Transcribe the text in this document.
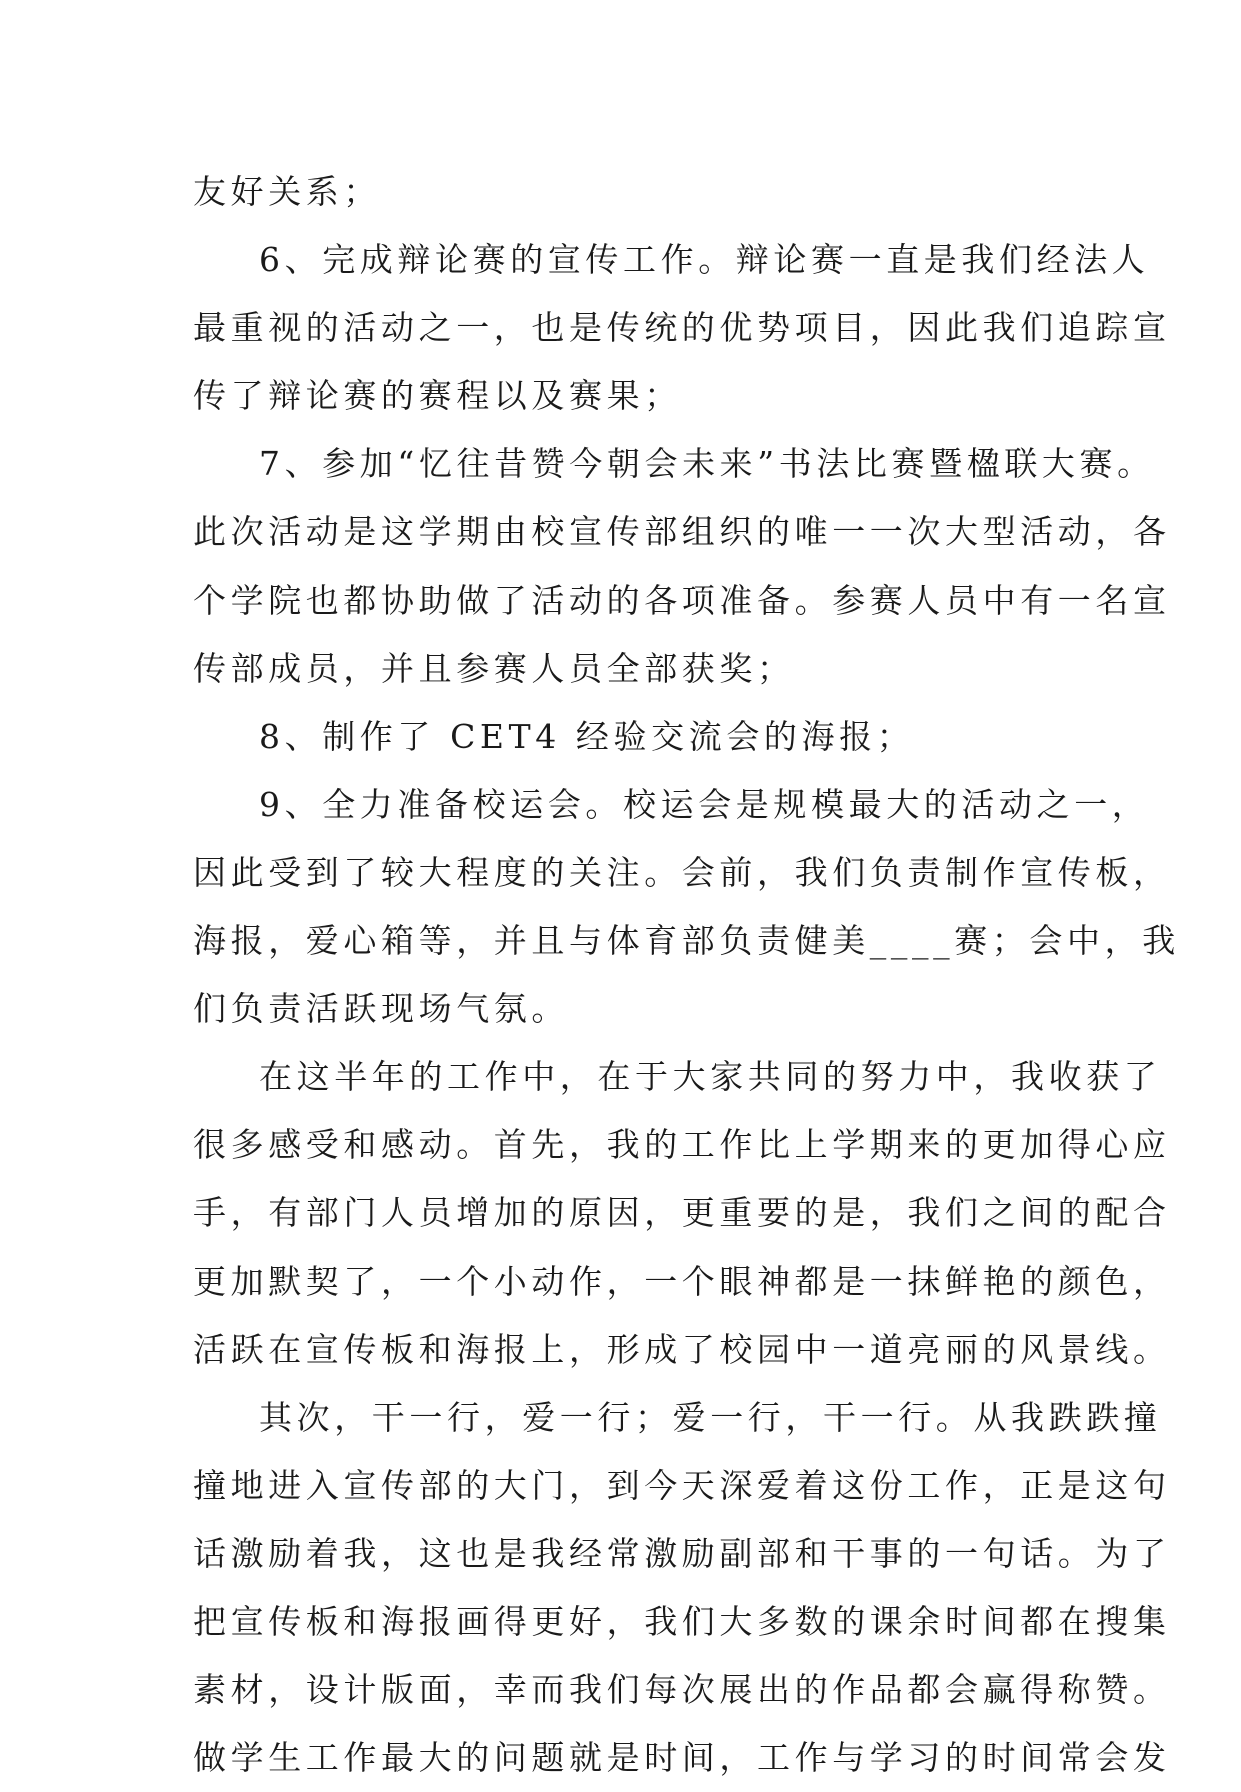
友好关系；
6、完成辩论赛的宣传工作。辩论赛一直是我们经法人
最重视的活动之一，也是传统的优势项目，因此我们追踪宣
传了辩论赛的赛程以及赛果；
7、参加“忆往昔赞今朝会未来”书法比赛暨楹联大赛。
此次活动是这学期由校宣传部组织的唯一一次大型活动，各
个学院也都协助做了活动的各项准备。参赛人员中有一名宣
传部成员，并且参赛人员全部获奖；
8、制作了 CET4 经验交流会的海报；
9、全力准备校运会。校运会是规模最大的活动之一，
因此受到了较大程度的关注。会前，我们负责制作宣传板，
海报，爱心箱等，并且与体育部负责健美____赛；会中，我
们负责活跃现场气氛。
在这半年的工作中，在于大家共同的努力中，我收获了
很多感受和感动。首先，我的工作比上学期来的更加得心应
手，有部门人员增加的原因，更重要的是，我们之间的配合
更加默契了，一个小动作，一个眼神都是一抹鲜艳的颜色，
活跃在宣传板和海报上，形成了校园中一道亮丽的风景线。
其次，干一行，爱一行；爱一行，干一行。从我跌跌撞
撞地进入宣传部的大门，到今天深爱着这份工作，正是这句
话激励着我，这也是我经常激励副部和干事的一句话。为了
把宣传板和海报画得更好，我们大多数的课余时间都在搜集
素材，设计版面，幸而我们每次展出的作品都会赢得称赞。
做学生工作最大的问题就是时间，工作与学习的时间常会发
